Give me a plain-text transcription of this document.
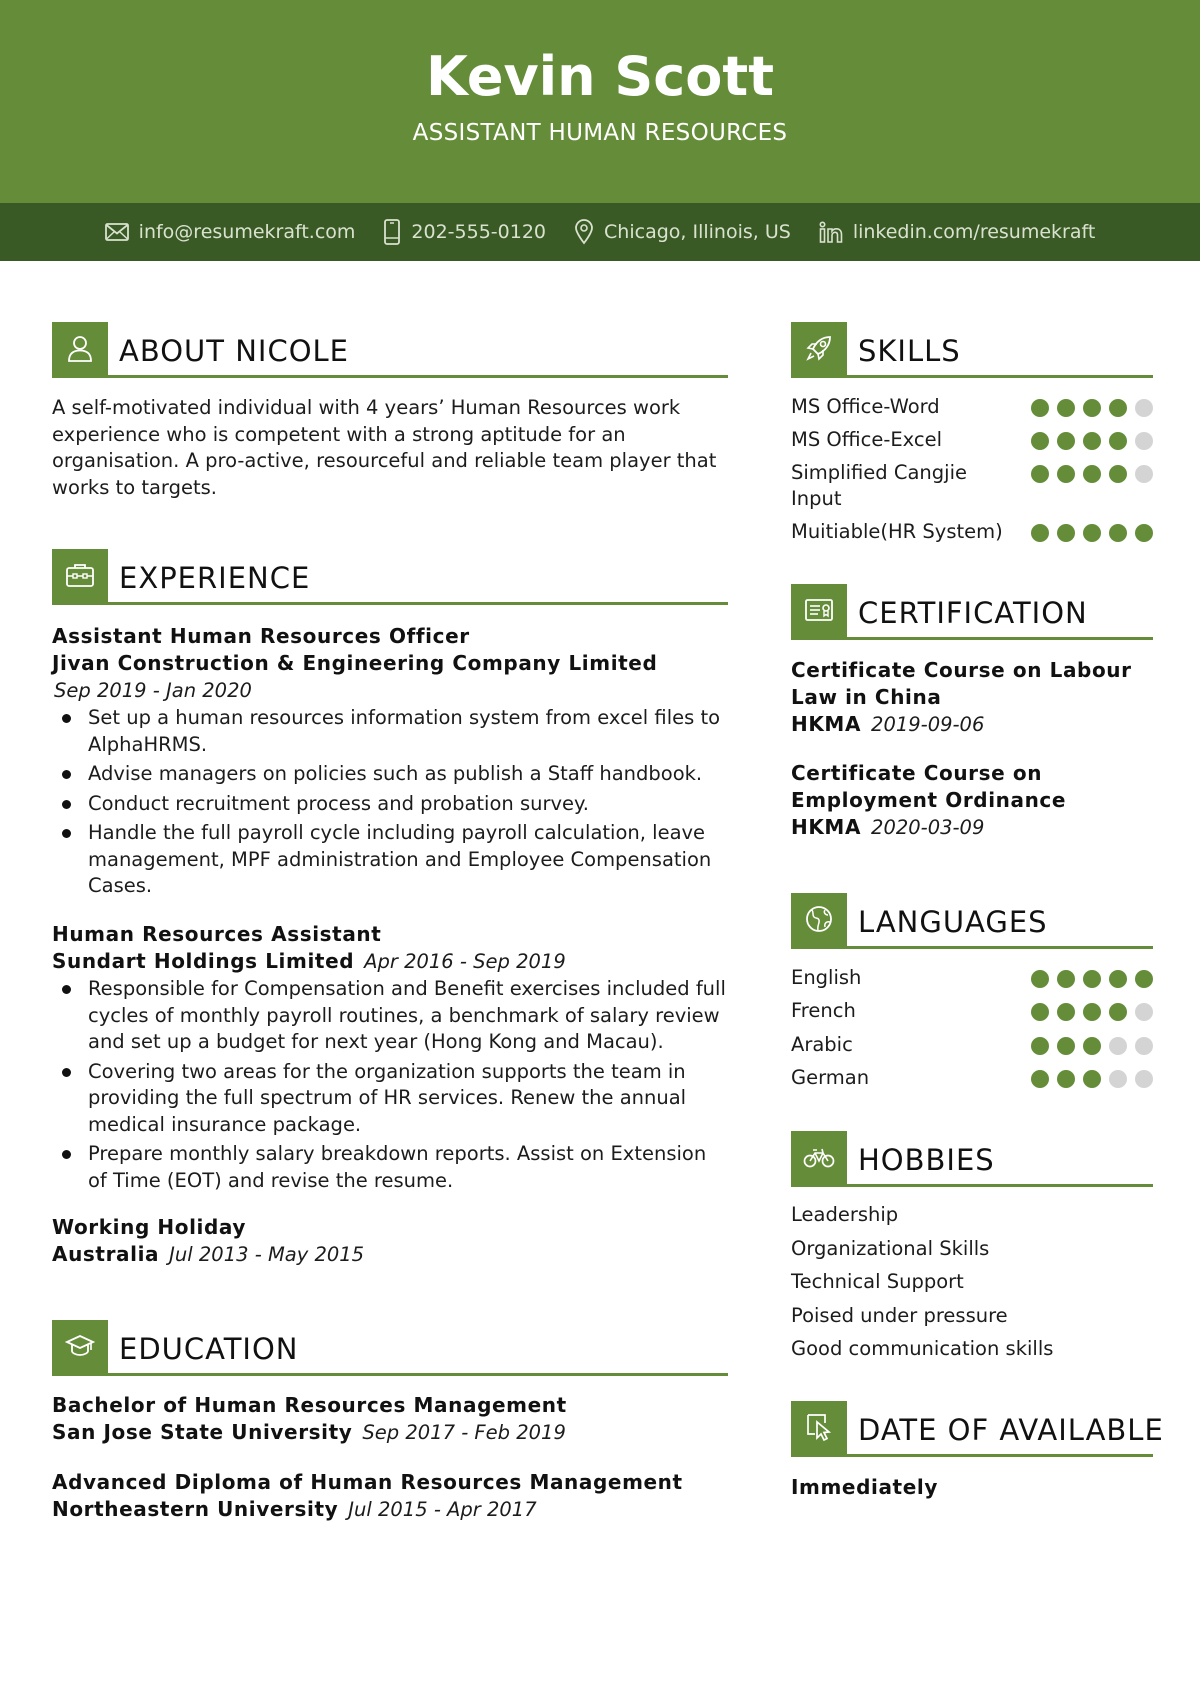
Kevin Scott
ASSISTANT HUMAN RESOURCES
info@resumekraft.com	202-555-0120	Chicago, Illinois, US	linkedin.com/resumekraft
ABOUT NICOLE
A self-motivated individual with 4 years’ Human Resources work experience who is competent with a strong aptitude for an organisation. A pro-active, resourceful and reliable team player that works to targets.
EXPERIENCE
Assistant Human Resources Officer
Jivan Construction & Engineering Company Limited
Sep 2019 - Jan 2020
Set up a human resources information system from excel files to AlphaHRMS.
Advise managers on policies such as publish a Staff handbook.
Conduct recruitment process and probation survey.
Handle the full payroll cycle including payroll calculation, leave management, MPF administration and Employee Compensation Cases.
Human Resources Assistant
Sundart Holdings Limited Apr 2016 - Sep 2019
Responsible for Compensation and Benefit exercises included full cycles of monthly payroll routines, a benchmark of salary review and set up a budget for next year (Hong Kong and Macau).
Covering two areas for the organization supports the team in providing the full spectrum of HR services. Renew the annual medical insurance package.
Prepare monthly salary breakdown reports. Assist on Extension of Time (EOT) and revise the resume.
Working Holiday
Australia Jul 2013 - May 2015
EDUCATION
Bachelor of Human Resources Management
San Jose State University Sep 2017 - Feb 2019
Advanced Diploma of Human Resources Management
Northeastern University Jul 2015 - Apr 2017
SKILLS
MS Office-Word
MS Office-Excel
Simplified Cangjie Input
Muitiable(HR System)
CERTIFICATION
Certificate Course on Labour Law in China
HKMA 2019-09-06
Certificate Course on Employment Ordinance
HKMA 2020-03-09
LANGUAGES
English
French
Arabic
German
HOBBIES
Leadership
Organizational Skills
Technical Support
Poised under pressure
Good communication skills
DATE OF AVAILABLE
Immediately
